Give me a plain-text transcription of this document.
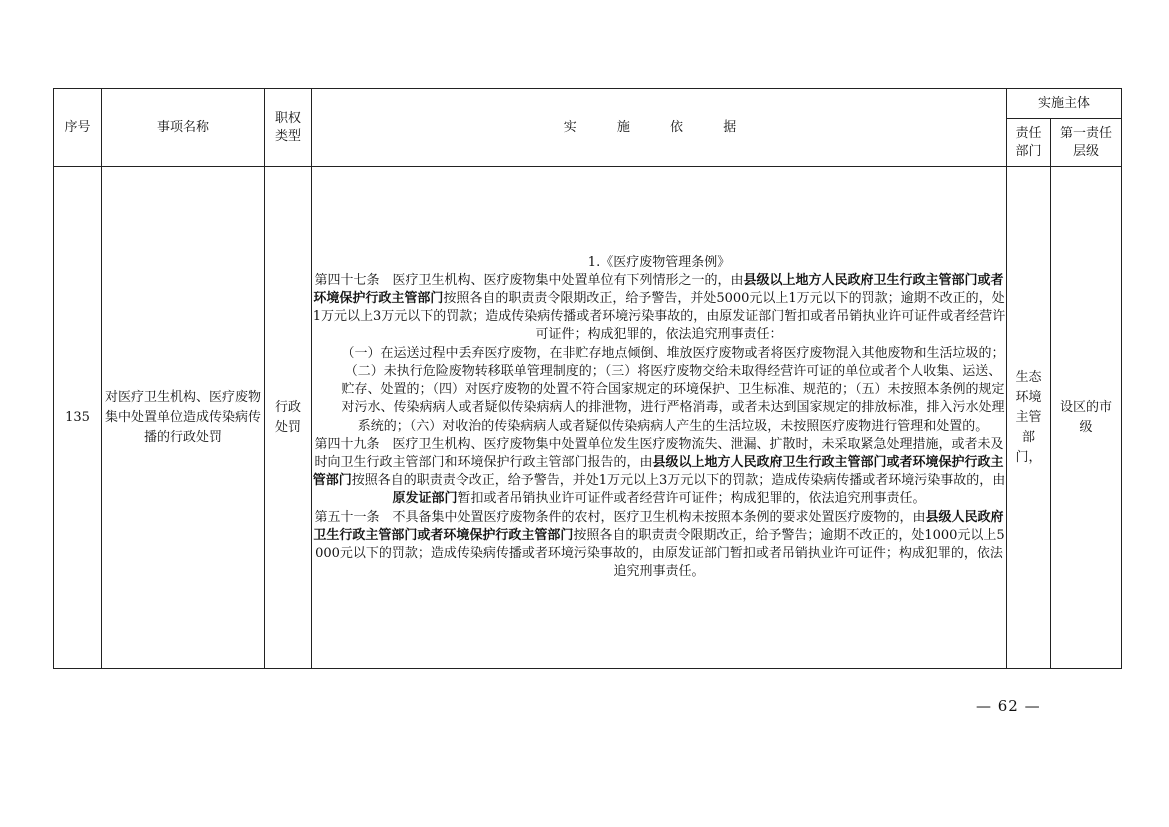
序号	事项名称	职权类型	实 施 依 据	实施主体	
				责任部门	第一责任层级
135	对医疗卫生机构、医疗废物集中处置单位造成传染病传播的行政处罚	行政处罚	1.《医疗废物管理条例》

第四十七条　医疗卫生机构、医疗废物集中处置单位有下列情形之一的，由县级以上地方人民政府卫生行政主管部门或者环境保护行政主管部门按照各自的职责责令限期改正，给予警告，并处5000元以上1万元以下的罚款；逾期不改正的，处1万元以上3万元以下的罚款；造成传染病传播或者环境污染事故的，由原发证部门暂扣或者吊销执业许可证件或者经营许可证件；构成犯罪的，依法追究刑事责任：

（一）在运送过程中丢弃医疗废物，在非贮存地点倾倒、堆放医疗废物或者将医疗废物混入其他废物和生活垃圾的；（二）未执行危险废物转移联单管理制度的；（三）将医疗废物交给未取得经营许可证的单位或者个人收集、运送、贮存、处置的；（四）对医疗废物的处置不符合国家规定的环境保护、卫生标准、规范的；（五）未按照本条例的规定对污水、传染病病人或者疑似传染病病人的排泄物，进行严格消毒，或者未达到国家规定的排放标准，排入污水处理系统的；（六）对收治的传染病病人或者疑似传染病病人产生的生活垃圾，未按照医疗废物进行管理和处置的。

第四十九条　医疗卫生机构、医疗废物集中处置单位发生医疗废物流失、泄漏、扩散时，未采取紧急处理措施，或者未及时向卫生行政主管部门和环境保护行政主管部门报告的，由县级以上地方人民政府卫生行政主管部门或者环境保护行政主管部门按照各自的职责责令改正，给予警告，并处1万元以上3万元以下的罚款；造成传染病传播或者环境污染事故的，由原发证部门暂扣或者吊销执业许可证件或者经营许可证件；构成犯罪的，依法追究刑事责任。

第五十一条　不具备集中处置医疗废物条件的农村，医疗卫生机构未按照本条例的要求处置医疗废物的，由县级人民政府卫生行政主管部门或者环境保护行政主管部门按照各自的职责责令限期改正，给予警告；逾期不改正的，处1000元以上5000元以下的罚款；造成传染病传播或者环境污染事故的，由原发证部门暂扣或者吊销执业许可证件；构成犯罪的，依法追究刑事责任。	生态环境主管部门，	设区的市级
— 62 —
